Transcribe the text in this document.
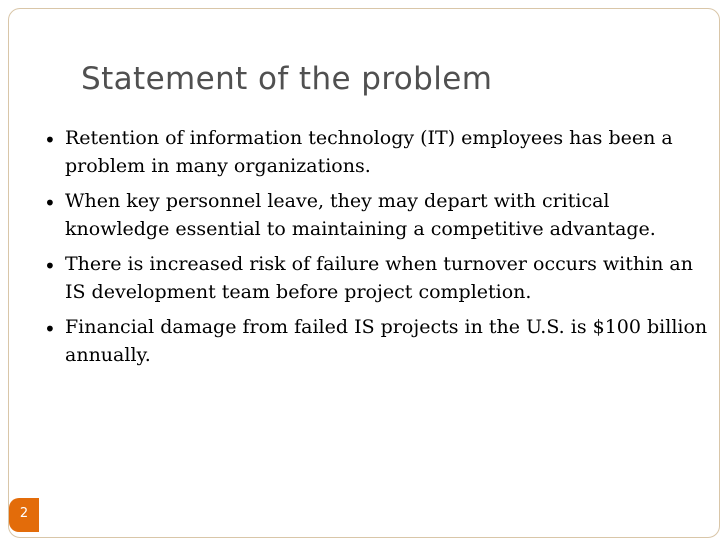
Statement of the problem
• Retention of information technology (IT) employees has been a problem in many organizations.
• When key personnel leave, they may depart with critical knowledge essential to maintaining a competitive advantage.
• There is increased risk of failure when turnover occurs within an IS development team before project completion.
• Financial damage from failed IS projects in the U.S. is $100 billion annually.
2
